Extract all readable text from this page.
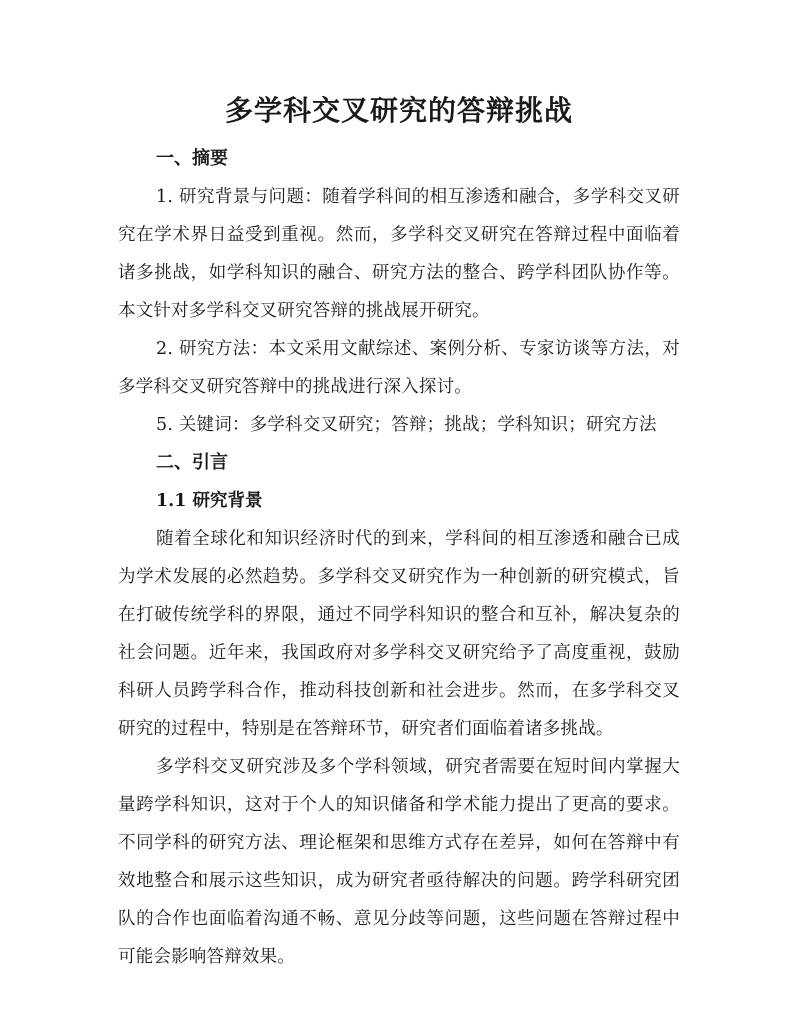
多学科交叉研究的答辩挑战
一、摘要

1. 研究背景与问题：随着学科间的相互渗透和融合，多学科交叉研究在学术界日益受到重视。然而，多学科交叉研究在答辩过程中面临着诸多挑战，如学科知识的融合、研究方法的整合、跨学科团队协作等。本文针对多学科交叉研究答辩的挑战展开研究。

2. 研究方法：本文采用文献综述、案例分析、专家访谈等方法，对多学科交叉研究答辩中的挑战进行深入探讨。

5. 关键词：多学科交叉研究；答辩；挑战；学科知识；研究方法

二、引言
1.1 研究背景

随着全球化和知识经济时代的到来，学科间的相互渗透和融合已成为学术发展的必然趋势。多学科交叉研究作为一种创新的研究模式，旨在打破传统学科的界限，通过不同学科知识的整合和互补，解决复杂的社会问题。近年来，我国政府对多学科交叉研究给予了高度重视，鼓励科研人员跨学科合作，推动科技创新和社会进步。然而，在多学科交叉研究的过程中，特别是在答辩环节，研究者们面临着诸多挑战。

多学科交叉研究涉及多个学科领域，研究者需要在短时间内掌握大量跨学科知识，这对于个人的知识储备和学术能力提出了更高的要求。不同学科的研究方法、理论框架和思维方式存在差异，如何在答辩中有效地整合和展示这些知识，成为研究者亟待解决的问题。跨学科研究团队的合作也面临着沟通不畅、意见分歧等问题，这些问题在答辩过程中可能会影响答辩效果。
